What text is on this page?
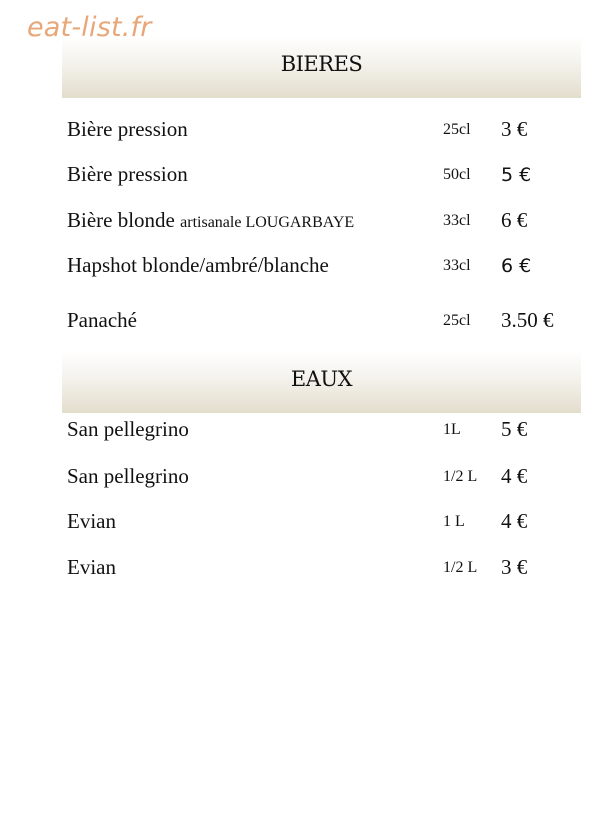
eat-list.fr
BIERES
Bière pression	25cl 3 €
Bière pression	50cl 5 €
Bière blonde artisanale LOUGARBAYE	33cl 6 €
Hapshot blonde/ambré/blanche	33cl 6 €
Panaché	25cl 3.50 €
EAUX
San pellegrino	1L 5 €
San pellegrino	1/2 L 4 €
Evian	1 L 4 €
Evian	1/2 L 3 €
